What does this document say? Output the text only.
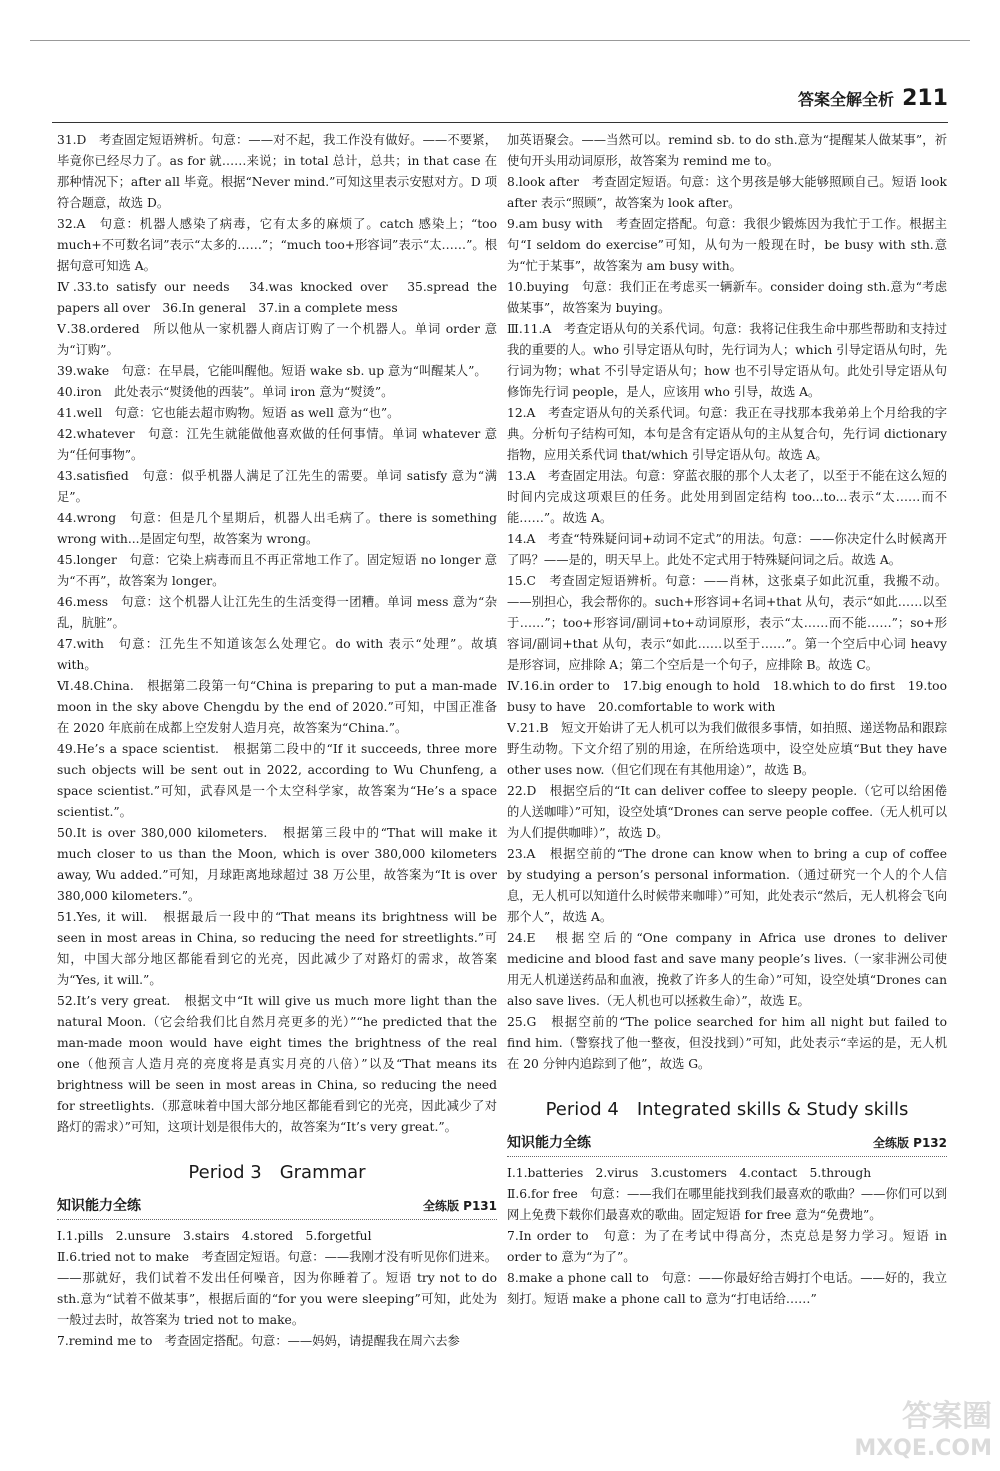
答案全解全析 211

31.D　考查固定短语辨析。句意：——对不起，我工作没有做好。——不要紧，毕竟你已经尽力了。as for 就……来说；in total 总计，总共；in that case 在那种情况下；after all 毕竟。根据“Never mind.”可知这里表示安慰对方。D 项符合题意，故选 D。

32.A　句意：机器人感染了病毒，它有太多的麻烦了。catch 感染上；“too much+不可数名词”表示“太多的……”；“much too+形容词”表示“太……”。根据句意可知选 A。

Ⅳ.33.to satisfy our needs　34.was knocked over　35.spread the papers all over　36.In general　37.in a complete mess

Ⅴ.38.ordered　所以他从一家机器人商店订购了一个机器人。单词 order 意为“订购”。

39.wake　句意：在早晨，它能叫醒他。短语 wake sb. up 意为“叫醒某人”。

40.iron　此处表示“熨烫他的西装”。单词 iron 意为“熨烫”。

41.well　句意：它也能去超市购物。短语 as well 意为“也”。

42.whatever　句意：江先生就能做他喜欢做的任何事情。单词 whatever 意为“任何事物”。

43.satisfied　句意：似乎机器人满足了江先生的需要。单词 satisfy 意为“满足”。

44.wrong　句意：但是几个星期后，机器人出毛病了。there is something wrong with...是固定句型，故答案为 wrong。

45.longer　句意：它染上病毒而且不再正常地工作了。固定短语 no longer 意为“不再”，故答案为 longer。

46.mess　句意：这个机器人让江先生的生活变得一团糟。单词 mess 意为“杂乱，肮脏”。

47.with　句意：江先生不知道该怎么处理它。do with 表示“处理”。故填 with。

Ⅵ.48.China.　根据第二段第一句“China is preparing to put a man-made moon in the sky above Chengdu by the end of 2020.”可知，中国正准备在 2020 年底前在成都上空发射人造月亮，故答案为“China.”。

49.He’s a space scientist.　根据第二段中的“If it succeeds, three more such objects will be sent out in 2022, according to Wu Chunfeng, a space scientist.”可知，武春风是一个太空科学家，故答案为“He’s a space scientist.”。

50.It is over 380,000 kilometers.　根据第三段中的“That will make it much closer to us than the Moon, which is over 380,000 kilometers away, Wu added.”可知，月球距离地球超过 38 万公里，故答案为“It is over 380,000 kilometers.”。

51.Yes, it will.　根据最后一段中的“That means its brightness will be seen in most areas in China, so reducing the need for streetlights.”可知，中国大部分地区都能看到它的光亮，因此减少了对路灯的需求，故答案为“Yes, it will.”。

52.It’s very great.　根据文中“It will give us much more light than the natural Moon.（它会给我们比自然月亮更多的光）”“he predicted that the man-made moon would have eight times the brightness of the real one（他预言人造月亮的亮度将是真实月亮的八倍）”以及“That means its brightness will be seen in most areas in China, so reducing the need for streetlights.（那意味着中国大部分地区都能看到它的光亮，因此减少了对路灯的需求）”可知，这项计划是很伟大的，故答案为“It’s very great.”。

Period 3　Grammar
知识能力全练	全练版 P131

Ⅰ.1.pills　2.unsure　3.stairs　4.stored　5.forgetful

Ⅱ.6.tried not to make　考查固定短语。句意：——我刚才没有听见你们进来。——那就好，我们试着不发出任何噪音，因为你睡着了。短语 try not to do sth.意为“试着不做某事”，根据后面的“for you were sleeping”可知，此处为一般过去时，故答案为 tried not to make。

7.remind me to　考查固定搭配。句意：——妈妈，请提醒我在周六去参

加英语聚会。——当然可以。remind sb. to do sth.意为“提醒某人做某事”，祈使句开头用动词原形，故答案为 remind me to。

8.look after　考查固定短语。句意：这个男孩是够大能够照顾自己。短语 look after 表示“照顾”，故答案为 look after。

9.am busy with　考查固定搭配。句意：我很少锻炼因为我忙于工作。根据主句“I seldom do exercise”可知，从句为一般现在时，be busy with sth.意为“忙于某事”，故答案为 am busy with。

10.buying　句意：我们正在考虑买一辆新车。consider doing sth.意为“考虑做某事”，故答案为 buying。

Ⅲ.11.A　考查定语从句的关系代词。句意：我将记住我生命中那些帮助和支持过我的重要的人。who 引导定语从句时，先行词为人；which 引导定语从句时，先行词为物；what 不引导定语从句；how 也不引导定语从句。此处引导定语从句修饰先行词 people，是人，应该用 who 引导，故选 A。

12.A　考查定语从句的关系代词。句意：我正在寻找那本我弟弟上个月给我的字典。分析句子结构可知，本句是含有定语从句的主从复合句，先行词 dictionary 指物，应用关系代词 that/which 引导定语从句。故选 A。

13.A　考查固定用法。句意：穿蓝衣服的那个人太老了，以至于不能在这么短的时间内完成这项艰巨的任务。此处用到固定结构 too...to...表示“太……而不能……”。故选 A。

14.A　考查“特殊疑问词+动词不定式”的用法。句意：——你决定什么时候离开了吗？——是的，明天早上。此处不定式用于特殊疑问词之后。故选 A。

15.C　考查固定短语辨析。句意：——肖林，这张桌子如此沉重，我搬不动。——别担心，我会帮你的。such+形容词+名词+that 从句，表示“如此……以至于……”；too+形容词/副词+to+动词原形，表示“太……而不能……”；so+形容词/副词+that 从句，表示“如此……以至于……”。第一个空后中心词 heavy 是形容词，应排除 A；第二个空后是一个句子，应排除 B。故选 C。

Ⅳ.16.in order to　17.big enough to hold　18.which to do first　19.too busy to have　20.comfortable to work with

Ⅴ.21.B　短文开始讲了无人机可以为我们做很多事情，如拍照、递送物品和跟踪野生动物。下文介绍了别的用途，在所给选项中，设空处应填“But they have other uses now.（但它们现在有其他用途）”，故选 B。

22.D　根据空后的“It can deliver coffee to sleepy people.（它可以给困倦的人送咖啡）”可知，设空处填“Drones can serve people coffee.（无人机可以为人们提供咖啡）”，故选 D。

23.A　根据空前的“The drone can know when to bring a cup of coffee by studying a person’s personal information.（通过研究一个人的个人信息，无人机可以知道什么时候带来咖啡）”可知，此处表示“然后，无人机将会飞向那个人”，故选 A。

24.E　根据空后的“One company in Africa use drones to deliver medicine and blood fast and save many people’s lives.（一家非洲公司使用无人机递送药品和血液，挽救了许多人的生命）”可知，设空处填“Drones can also save lives.（无人机也可以拯救生命）”，故选 E。

25.G　根据空前的“The police searched for him all night but failed to find him.（警察找了他一整夜，但没找到）”可知，此处表示“幸运的是，无人机在 20 分钟内追踪到了他”，故选 G。

Period 4　Integrated skills & Study skills
知识能力全练	全练版 P132

Ⅰ.1.batteries　2.virus　3.customers　4.contact　5.through

Ⅱ.6.for free　句意：——我们在哪里能找到我们最喜欢的歌曲？——你们可以到网上免费下载你们最喜欢的歌曲。固定短语 for free 意为“免费地”。

7.In order to　句意：为了在考试中得高分，杰克总是努力学习。短语 in order to 意为“为了”。

8.make a phone call to　句意：——你最好给吉姆打个电话。——好的，我立刻打。短语 make a phone call to 意为“打电话给……”

答案圈
MXQE.COM
